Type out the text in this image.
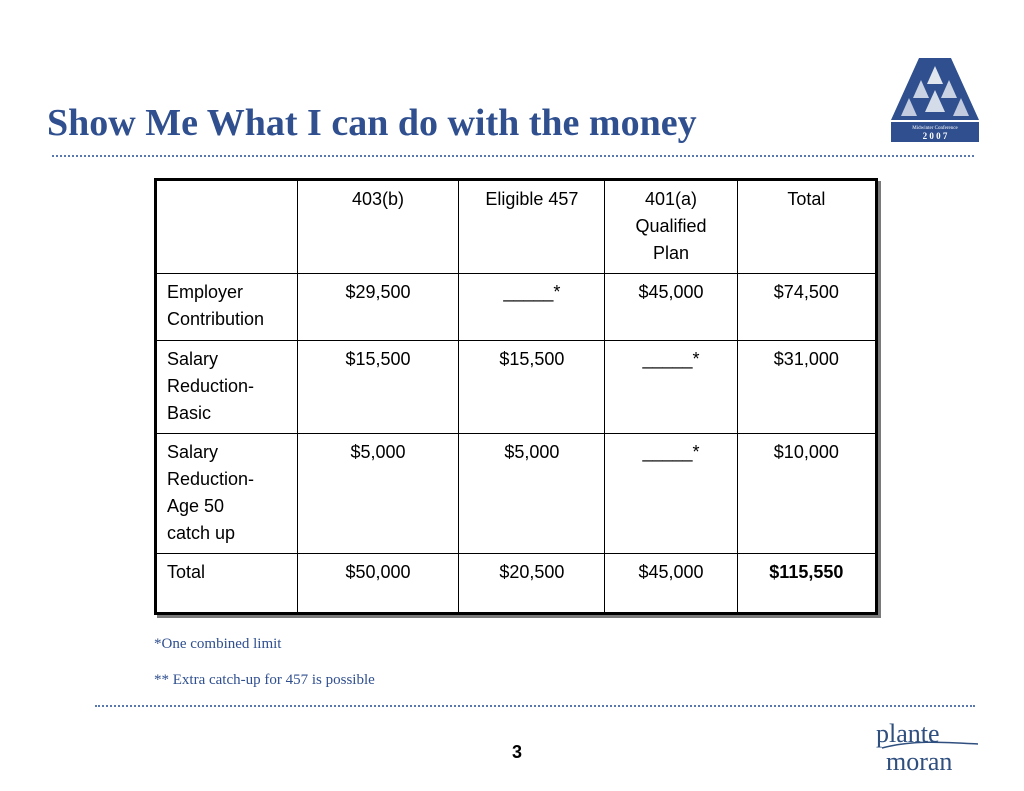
Show Me What I can do with the money	Midwinter Conference
2 0 0 7
	403(b)	Eligible 457	401(a)
Qualified
Plan	Total
Employer
Contribution	$29,500	_____*	$45,000	$74,500
Salary
Reduction-
Basic	$15,500	$15,500	_____*	$31,000
Salary
Reduction-
Age 50
catch up	$5,000	$5,000	_____*	$10,000
Total	$50,000	$20,500	$45,000	$115,550
*One combined limit
** Extra catch-up for 457 is possible
3
plante
moran
